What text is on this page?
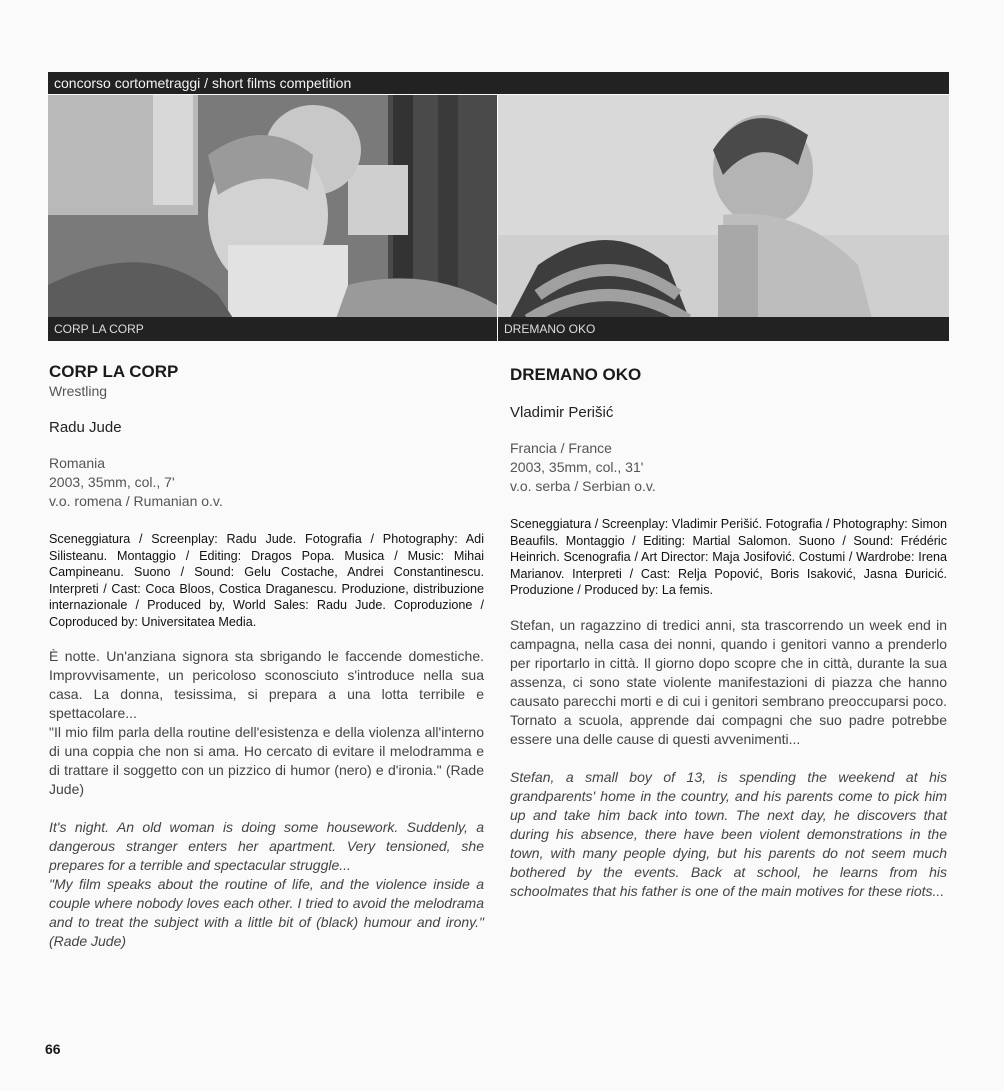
concorso cortometraggi / short films competition
CORP LA CORP	DREMANO OKO

CORP LA CORP

Wrestling

Radu Jude

Romania

2003, 35mm, col., 7'

v.o. romena / Rumanian o.v.

Sceneggiatura / Screenplay: Radu Jude. Fotografia / Photography: Adi Silisteanu. Montaggio / Editing: Dragos Popa. Musica / Music: Mihai Campineanu. Suono / Sound: Gelu Costache, Andrei Constantinescu. Interpreti / Cast: Coca Bloos, Costica Draganescu. Produzione, distribuzione internazionale / Produced by, World Sales: Radu Jude. Coproduzione / Coproduced by: Universitatea Media.

È notte. Un'anziana signora sta sbrigando le faccende domestiche. Improvvisamente, un pericoloso sconosciuto s'introduce nella sua casa. La donna, tesissima, si prepara a una lotta terribile e spettacolare...

"Il mio film parla della routine dell'esistenza e della violenza all'interno di una coppia che non si ama. Ho cercato di evitare il melodramma e di trattare il soggetto con un pizzico di humor (nero) e d'ironia." (Rade Jude)

It's night. An old woman is doing some housework. Suddenly, a dangerous stranger enters her apartment. Very tensioned, she prepares for a terrible and spectacular struggle...

"My film speaks about the routine of life, and the violence inside a couple where nobody loves each other. I tried to avoid the melodrama and to treat the subject with a little bit of (black) humour and irony." (Rade Jude)

DREMANO OKO

Vladimir Perišić

Francia / France

2003, 35mm, col., 31'

v.o. serba / Serbian o.v.

Sceneggiatura / Screenplay: Vladimir Perišić. Fotografia / Photography: Simon Beaufils. Montaggio / Editing: Martial Salomon. Suono / Sound: Frédéric Heinrich. Scenografia / Art Director: Maja Josifović. Costumi / Wardrobe: Irena Marianov. Interpreti / Cast: Relja Popović, Boris Isaković, Jasna Đuricić. Produzione / Produced by: La femis.

Stefan, un ragazzino di tredici anni, sta trascorrendo un week end in campagna, nella casa dei nonni, quando i genitori vanno a prenderlo per riportarlo in città. Il giorno dopo scopre che in città, durante la sua assenza, ci sono state violente manifestazioni di piazza che hanno causato parecchi morti e di cui i genitori sembrano preoccuparsi poco. Tornato a scuola, apprende dai compagni che suo padre potrebbe essere una delle cause di questi avvenimenti...

Stefan, a small boy of 13, is spending the weekend at his grandparents' home in the country, and his parents come to pick him up and take him back into town. The next day, he discovers that during his absence, there have been violent demonstrations in the town, with many people dying, but his parents do not seem much bothered by the events. Back at school, he learns from his schoolmates that his father is one of the main motives for these riots...

66
